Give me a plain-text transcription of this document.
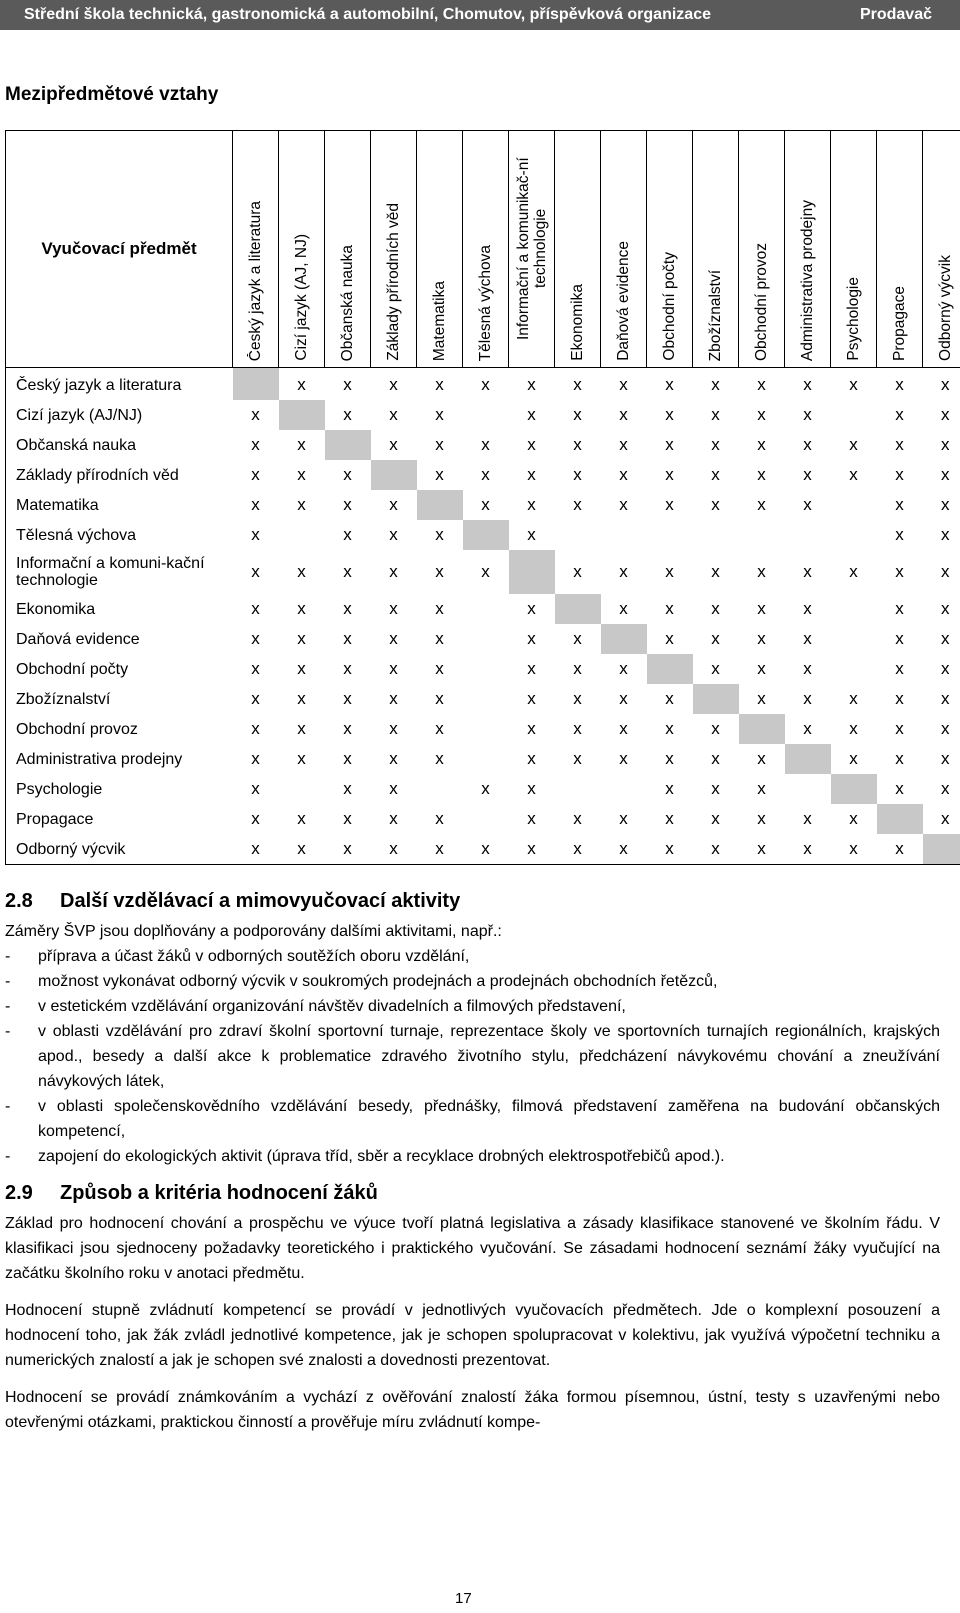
Střední škola technická, gastronomická a automobilní, Chomutov, příspěvková organizace	Prodavač
Mezipředmětové vztahy
Vyučovací předmět	Český jazyk a literatura	Cizí jazyk (AJ, NJ)	Občanská nauka	Základy přírodních věd	Matematika	Tělesná výchova	Informační a komunikač-ní technologie	Ekonomika	Daňová evidence	Obchodní počty	Zbožíznalství	Obchodní provoz	Administrativa prodejny	Psychologie	Propagace	Odborný výcvik

Český jazyk a literatura		x	x	x	x	x	x	x	x	x	x	x	x	x	x	x
Cizí jazyk (AJ/NJ)	x		x	x	x		x	x	x	x	x	x	x		x	x
Občanská nauka	x	x		x	x	x	x	x	x	x	x	x	x	x	x	x
Základy přírodních věd	x	x	x		x	x	x	x	x	x	x	x	x	x	x	x
Matematika	x	x	x	x		x	x	x	x	x	x	x	x		x	x
Tělesná výchova	x		x	x	x		x								x	x
Informační a komuni-kační technologie	x	x	x	x	x	x		x	x	x	x	x	x	x	x	x
Ekonomika	x	x	x	x	x		x		x	x	x	x	x		x	x
Daňová evidence	x	x	x	x	x		x	x		x	x	x	x		x	x
Obchodní počty	x	x	x	x	x		x	x	x		x	x	x		x	x
Zbožíznalství	x	x	x	x	x		x	x	x	x		x	x	x	x	x
Obchodní provoz	x	x	x	x	x		x	x	x	x	x		x	x	x	x
Administrativa prodejny	x	x	x	x	x		x	x	x	x	x	x		x	x	x
Psychologie	x		x	x		x	x			x	x	x			x	x
Propagace	x	x	x	x	x		x	x	x	x	x	x	x	x		x
Odborný výcvik	x	x	x	x	x	x	x	x	x	x	x	x	x	x	x	
2.8 Další vzdělávací a mimovyučovací aktivity

Záměry ŠVP jsou doplňovány a podporovány dalšími aktivitami, např.:

- příprava a účast žáků v odborných soutěžích oboru vzdělání,
- možnost vykonávat odborný výcvik v soukromých prodejnách a prodejnách obchodních řetězců,
- v estetickém vzdělávání organizování návštěv divadelních a filmových představení,
- v oblasti vzdělávání pro zdraví školní sportovní turnaje, reprezentace školy ve sportovních turnajích regionálních, krajských apod., besedy a další akce k problematice zdravého životního stylu, předcházení návykovému chování a zneužívání návykových látek,
- v oblasti společenskovědního vzdělávání besedy, přednášky, filmová představení zaměřena na budování občanských kompetencí,
- zapojení do ekologických aktivit (úprava tříd, sběr a recyklace drobných elektrospotřebičů apod.).
2.9 Způsob a kritéria hodnocení žáků

Základ pro hodnocení chování a prospěchu ve výuce tvoří platná legislativa a zásady klasifikace stanovené ve školním řádu. V klasifikaci jsou sjednoceny požadavky teoretického i praktického vyučování. Se zásadami hodnocení seznámí žáky vyučující na začátku školního roku v anotaci předmětu.

Hodnocení stupně zvládnutí kompetencí se provádí v jednotlivých vyučovacích předmětech. Jde o komplexní posouzení a hodnocení toho, jak žák zvládl jednotlivé kompetence, jak je schopen spolupracovat v kolektivu, jak využívá výpočetní techniku a numerických znalostí a jak je schopen své znalosti a dovednosti prezentovat.

Hodnocení se provádí známkováním a vychází z ověřování znalostí žáka formou písemnou, ústní, testy s uzavřenými nebo otevřenými otázkami, praktickou činností a prověřuje míru zvládnutí kompe-

17
